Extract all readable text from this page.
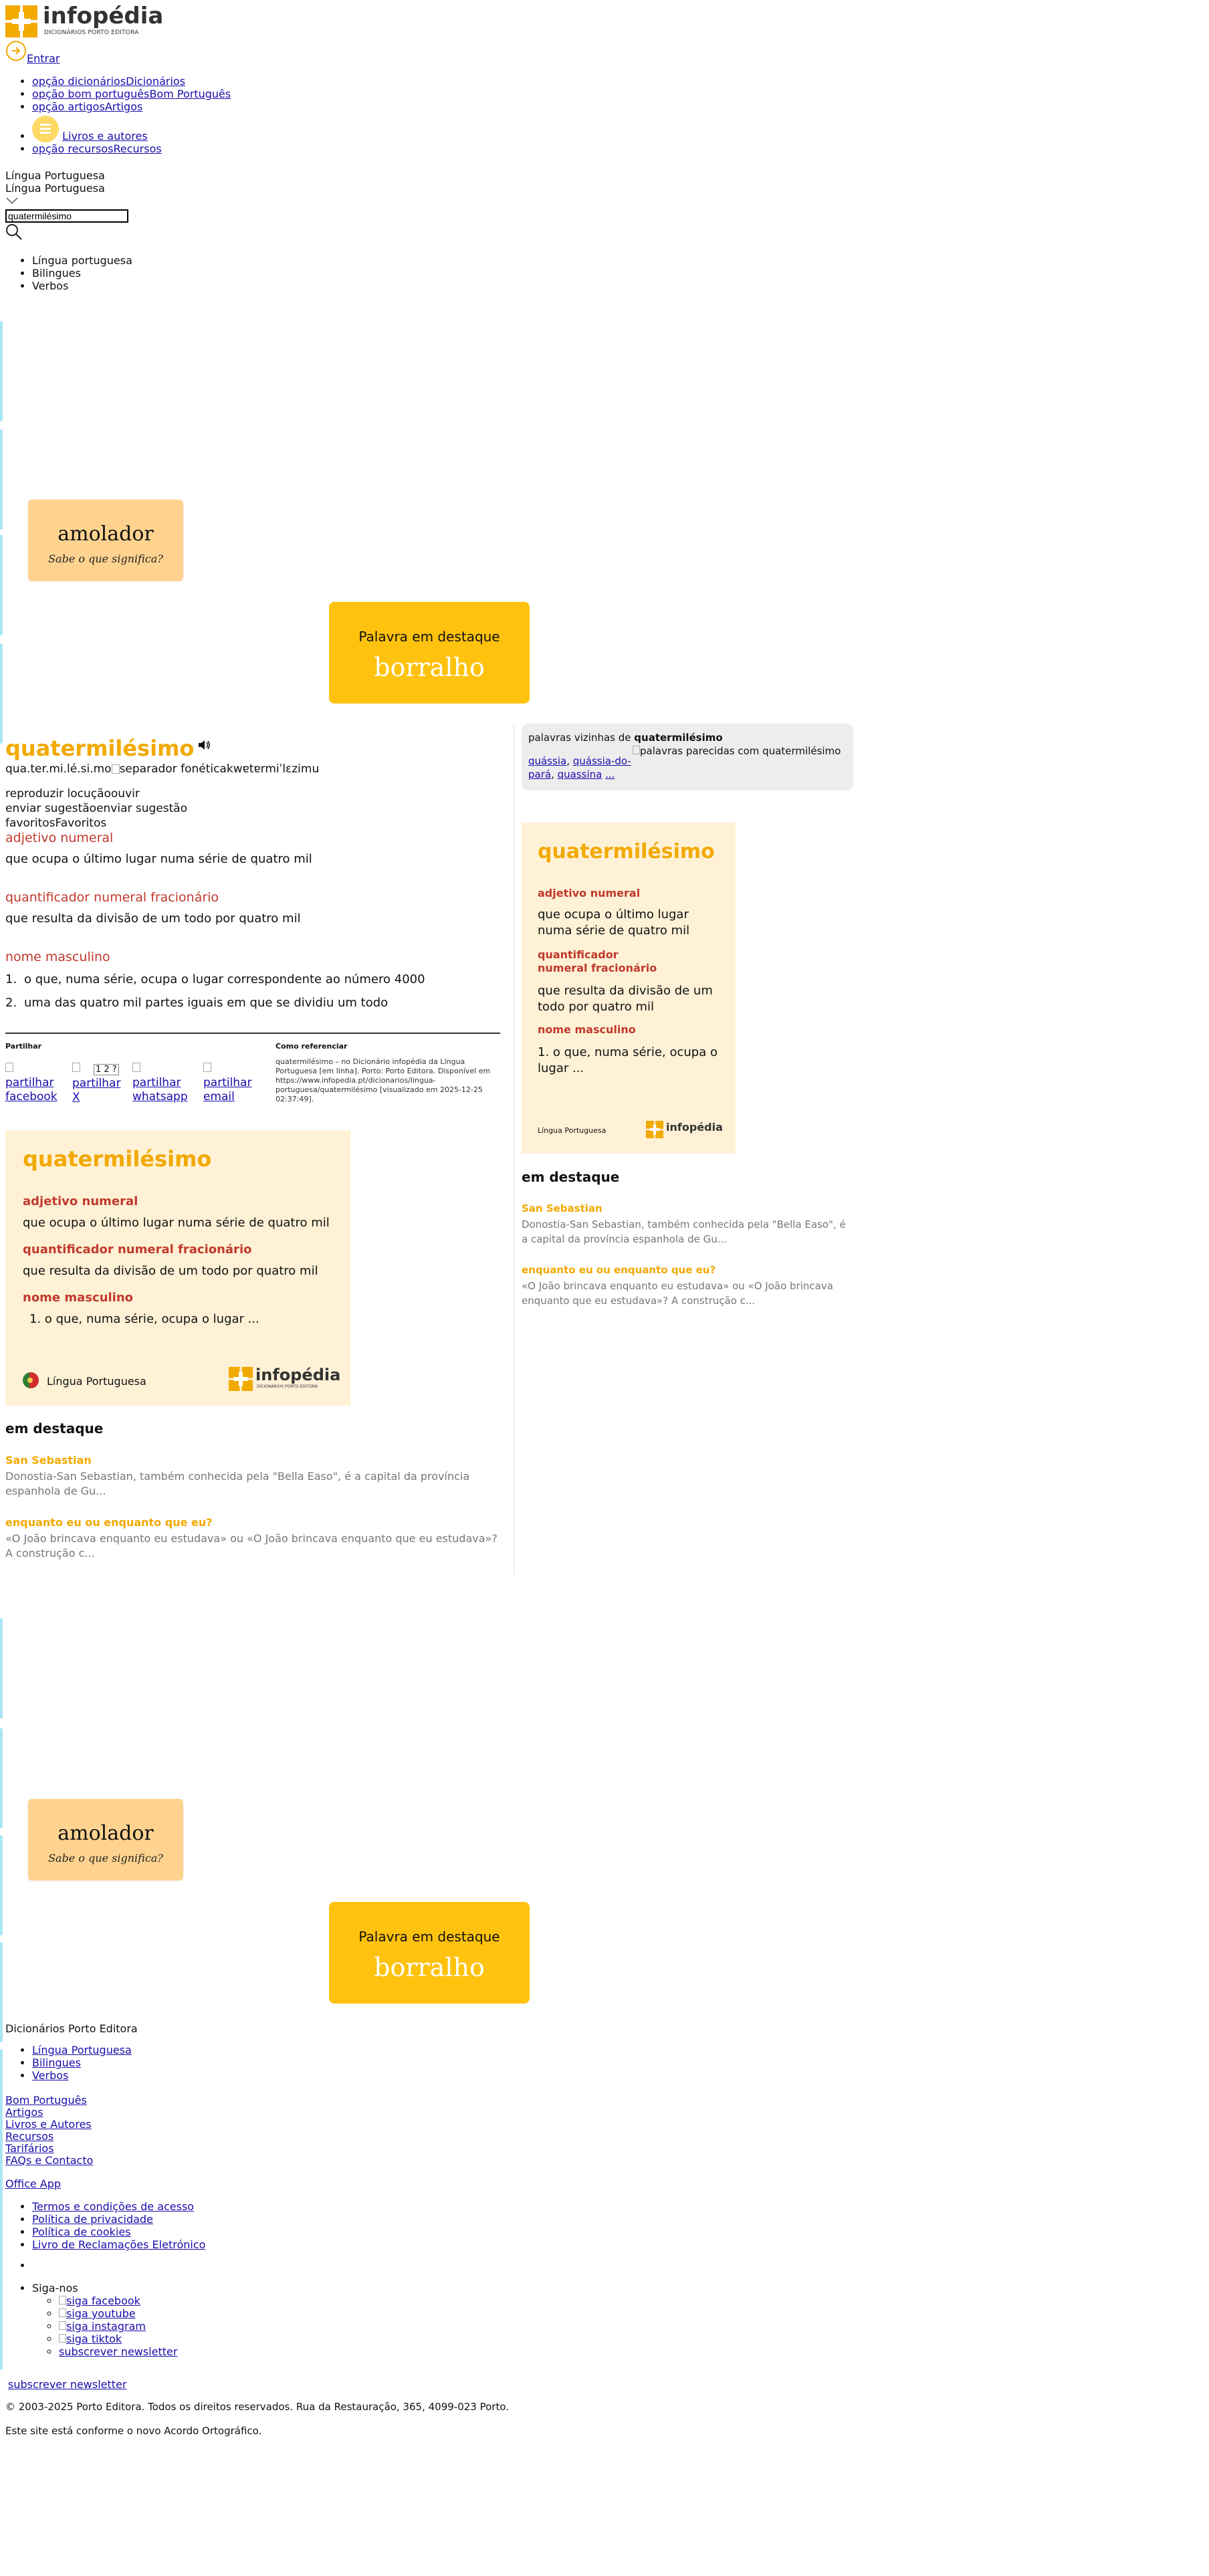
infopédia
DICIONÁRIOS PORTO EDITORA
Entrar
• opção dicionáriosDicionários
• opção bom portuguêsBom Português
• opção artigosArtigos
• Livros e autores
• opção recursosRecursos
Língua Portuguesa
Língua Portuguesa
quatermilésimo
• Língua portuguesa
• Bilingues
• Verbos
amolador
Sabe o que significa?
Palavra em destaque
borralho
quatermilésimo
qua.ter.mi.lé.si.mo separador fonéticakwɐtɐrmiˈlɛzimu
reproduzir locuçãoouvir
enviar sugestãoenviar sugestão
favoritosFavoritos
adjetivo numeral
que ocupa o último lugar numa série de quatro mil
quantificador numeral fracionário
que resulta da divisão de um todo por quatro mil
nome masculino
1. o que, numa série, ocupa o lugar correspondente ao número 4000
2. uma das quatro mil partes iguais em que se dividiu um todo
Partilhar

partilhar facebook
1 2 ?
partilhar X

partilhar whatsapp

partilhar email
Como referenciar
quatermilésimo – no Dicionário infopédia da Língua Portuguesa [em linha]. Porto: Porto Editora. Disponível em https://www.infopedia.pt/dicionarios/lingua-portuguesa/quatermilésimo [visualizado em 2025-12-25 02:37:49].
quatermilésimo
adjetivo numeral
que ocupa o último lugar numa série de quatro mil
quantificador numeral fracionário
que resulta da divisão de um todo por quatro mil
nome masculino
1. o que, numa série, ocupa o lugar ...
Língua Portuguesa	infopédia
DICIONÁRIOS PORTO EDITORA
em destaque
San Sebastian
Donostia-San Sebastian, também conhecida pela "Bella Easo", é a capital da província espanhola de Gu...
enquanto eu ou enquanto que eu?
«O João brincava enquanto eu estudava» ou «O João brincava enquanto que eu estudava»? A construção c...
palavras vizinhas de quatermilésimo
palavras parecidas com quatermilésimo
quássia, quássia-do-pará, quassina ...
quatermilésimo
adjetivo numeral
que ocupa o último lugar numa série de quatro mil
quantificador numeral fracionário
que resulta da divisão de um todo por quatro mil
nome masculino
1. o que, numa série, ocupa o lugar ...
Língua Portuguesa	infopédia
em destaque
San Sebastian
Donostia-San Sebastian, também conhecida pela "Bella Easo", é a capital da província espanhola de Gu...
enquanto eu ou enquanto que eu?
«O João brincava enquanto eu estudava» ou «O João brincava enquanto que eu estudava»? A construção c...
amolador
Sabe o que significa?
Palavra em destaque
borralho
Dicionários Porto Editora
• Língua Portuguesa
• Bilingues
• Verbos
Bom Português
Artigos
Livros e Autores
Recursos
Tarifários
FAQs e Contacto
Office App
• Termos e condições de acesso
• Política de privacidade
• Política de cookies
• Livro de Reclamações Eletrónico
• Siga-nos
◦ siga facebook
◦ siga youtube
◦ siga instagram
◦ siga tiktok
◦ subscrever newsletter
subscrever newsletter
© 2003-2025 Porto Editora. Todos os direitos reservados. Rua da Restauração, 365, 4099-023 Porto.
Este site está conforme o novo Acordo Ortográfico.
